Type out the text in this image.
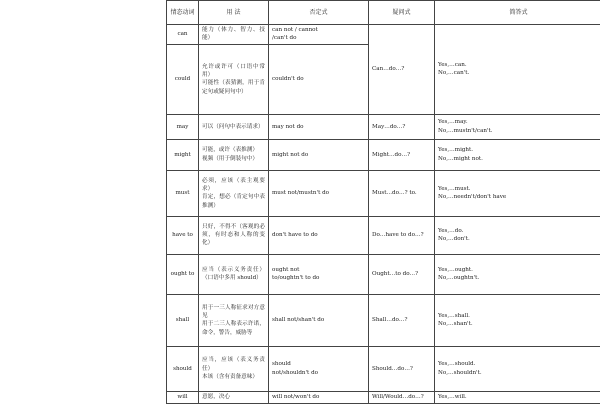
情态动词	用 法	否定式	疑问式	简答式
can	能力（体力、智力、技能）	can not / cannot
/can't do	Can…do…?	Yes,…can.
No,…can't.
could	允许或许可（口语中常用）
可能性（表猜测，用于肯定句或疑问句中）	couldn't do		
may	可以（问句中表示请求）	may not do	May…do…?	Yes,…may.
No,…mustn't/can't.
might	可能，或许（表推测）
视频（用于倒装句中）	might not do	Might…do…?	Yes,…might.
No,…might not.
must	必须，应该（表主观要求）
肯定，想必（肯定句中表推测）	must not/mustn't do	Must…do…? to.	Yes,…must.
No,…needn't/don't have
have to	只好，不得不（客观的必须，有时态和人称的变化）	don't have to do	Do…have to do…?	Yes,…do.
No,…don't.
ought to	应当（表示义务责任）（口语中多用 should）	ought not
to/oughtn't to do	Ought…to do…?	Yes,…ought.
No,…oughtn't.
shall	用于一三人称征求对方意见
用于二三人称表示许诺，命令，警告，威胁等	shall not/shan't do	Shall…do…?	Yes,…shall.
No,…shan't.
should	应当，应该（表义务责任）
本该（含有责备意味）	should
not/shouldn't do	Should…do…?	Yes,…should.
No,…shouldn't.
will	意愿，决心	will not/won't do	Will/Would…do…?	Yes,…will.
